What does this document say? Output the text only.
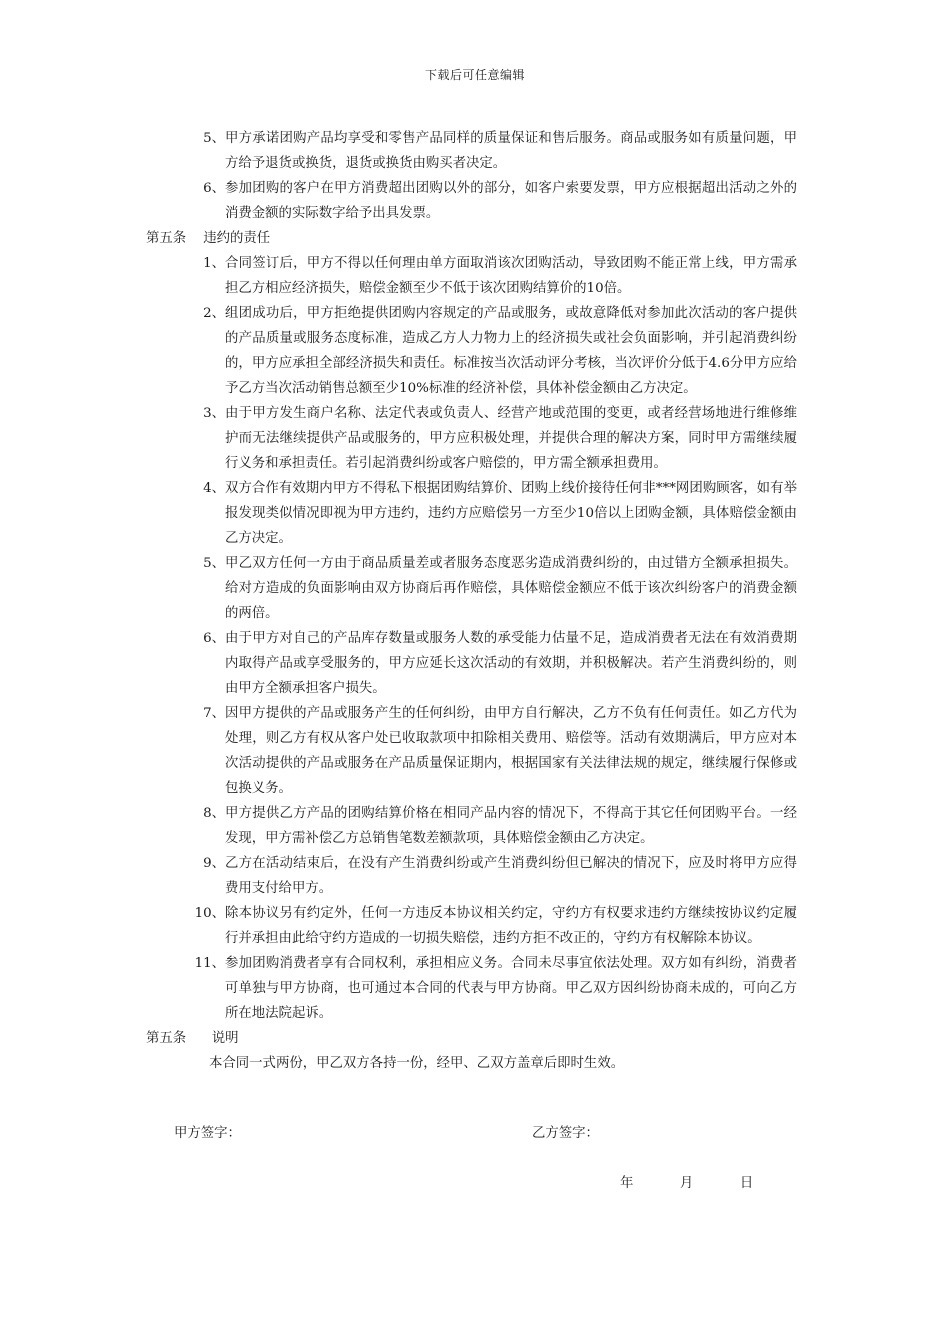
下载后可任意编辑
5、 甲方承诺团购产品均享受和零售产品同样的质量保证和售后服务。商品或服务如有质量问题，甲方给予退货或换货，退货或换货由购买者决定。
6、 参加团购的客户在甲方消费超出团购以外的部分，如客户索要发票，甲方应根据超出活动之外的消费金额的实际数字给予出具发票。
第五条    违约的责任
1、 合同签订后，甲方不得以任何理由单方面取消该次团购活动，导致团购不能正常上线，甲方需承担乙方相应经济损失，赔偿金额至少不低于该次团购结算价的10倍。
2、 组团成功后，甲方拒绝提供团购内容规定的产品或服务，或故意降低对参加此次活动的客户提供的产品质量或服务态度标准，造成乙方人力物力上的经济损失或社会负面影响，并引起消费纠纷的，甲方应承担全部经济损失和责任。标准按当次活动评分考核，当次评价分低于4.6分甲方应给予乙方当次活动销售总额至少10%标准的经济补偿，具体补偿金额由乙方决定。
3、 由于甲方发生商户名称、法定代表或负责人、经营产地或范围的变更，或者经营场地进行维修维护而无法继续提供产品或服务的，甲方应积极处理，并提供合理的解决方案，同时甲方需继续履行义务和承担责任。若引起消费纠纷或客户赔偿的，甲方需全额承担费用。
4、 双方合作有效期内甲方不得私下根据团购结算价、团购上线价接待任何非***网团购顾客，如有举报发现类似情况即视为甲方违约，违约方应赔偿另一方至少10倍以上团购金额，具体赔偿金额由乙方决定。
5、 甲乙双方任何一方由于商品质量差或者服务态度恶劣造成消费纠纷的，由过错方全额承担损失。给对方造成的负面影响由双方协商后再作赔偿，具体赔偿金额应不低于该次纠纷客户的消费金额的两倍。
6、 由于甲方对自己的产品库存数量或服务人数的承受能力估量不足，造成消费者无法在有效消费期内取得产品或享受服务的，甲方应延长这次活动的有效期，并积极解决。若产生消费纠纷的，则由甲方全额承担客户损失。
7、 因甲方提供的产品或服务产生的任何纠纷，由甲方自行解决，乙方不负有任何责任。如乙方代为处理，则乙方有权从客户处已收取款项中扣除相关费用、赔偿等。活动有效期满后，甲方应对本次活动提供的产品或服务在产品质量保证期内，根据国家有关法律法规的规定，继续履行保修或包换义务。
8、 甲方提供乙方产品的团购结算价格在相同产品内容的情况下，不得高于其它任何团购平台。一经发现，甲方需补偿乙方总销售笔数差额款项，具体赔偿金额由乙方决定。
9、 乙方在活动结束后，在没有产生消费纠纷或产生消费纠纷但已解决的情况下，应及时将甲方应得费用支付给甲方。
10、 除本协议另有约定外，任何一方违反本协议相关约定，守约方有权要求违约方继续按协议约定履行并承担由此给守约方造成的一切损失赔偿，违约方拒不改正的，守约方有权解除本协议。
11、 参加团购消费者享有合同权利，承担相应义务。合同未尽事宜依法处理。双方如有纠纷，消费者可单独与甲方协商，也可通过本合同的代表与甲方协商。甲乙双方因纠纷协商未成的，可向乙方所在地法院起诉。
第五条      说明
本合同一式两份，甲乙双方各持一份，经甲、乙双方盖章后即时生效。
甲方签字：	乙方签字：
年	月	日
